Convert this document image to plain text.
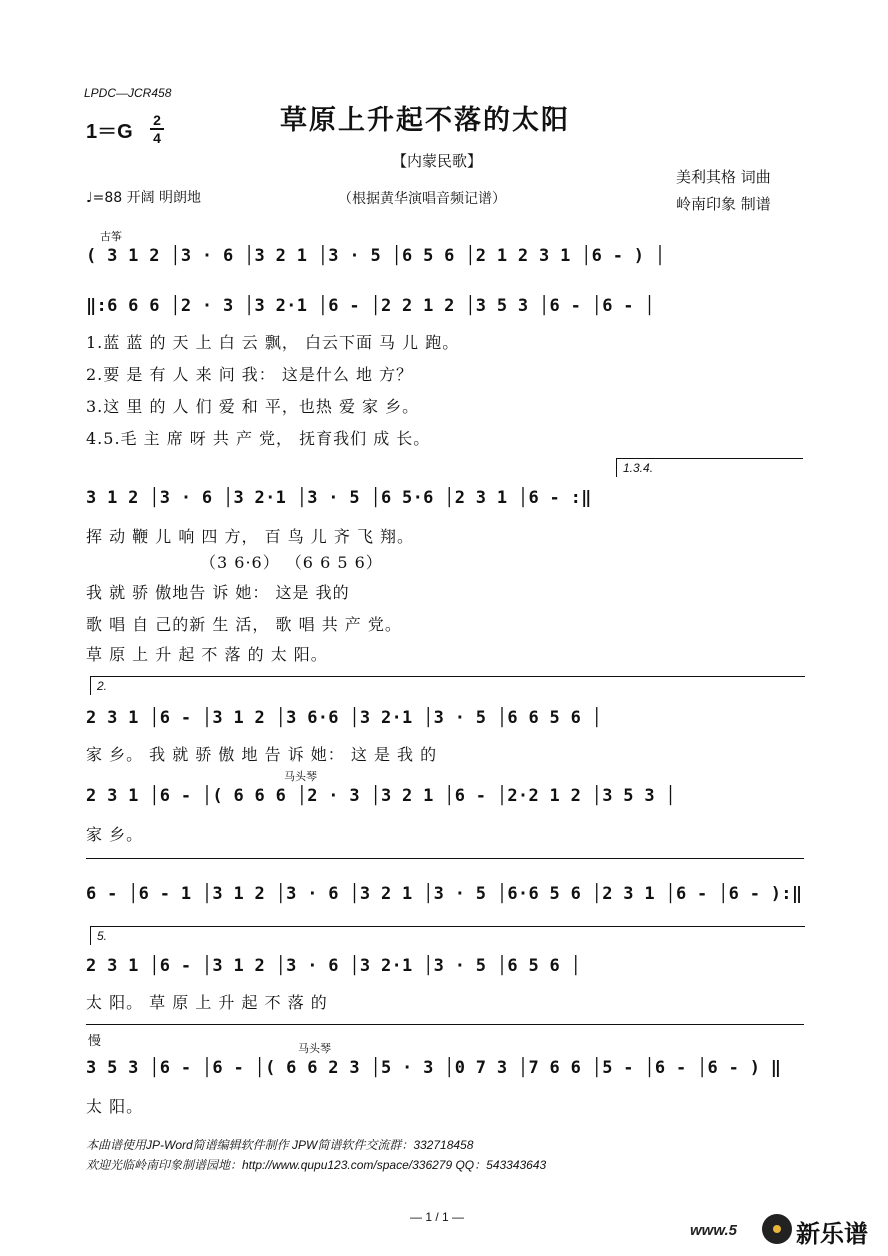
LPDC—JCR458
草原上升起不落的太阳
1＝G
2
4
【内蒙民歌】
♩=88 开阔 明朗地	（根据黄华演唱音频记谱）
美利其格 词曲
岭南印象 制谱
古筝
( 3 1 2 │3 · 6 │3 2 1 │3 · 5 │6 5 6 │2 1 2 3 1 │6 - ) │
‖:6 6 6 │2 · 3 │3 2·1 │6 - │2 2 1 2 │3 5 3 │6 - │6 - │
1.蓝 蓝 的 天 上 白 云 飘， 白云下面 马 儿 跑。
2.要 是 有 人 来 问 我： 这是什么 地 方？
3.这 里 的 人 们 爱 和 平，也热 爱 家 乡。
4.5.毛 主 席 呀 共 产 党， 抚育我们 成 长。
1.3.4.
3 1 2 │3 · 6 │3 2·1 │3 · 5 │6 5·6 │2 3 1 │6 - :‖
挥 动 鞭 儿 响 四 方， 百 鸟 儿 齐 飞 翔。
（3 6·6） （6 6 5 6）
我 就 骄 傲地告 诉 她： 这是 我的
歌 唱 自 己的新 生 活， 歌 唱 共 产 党。
草 原 上 升 起 不 落 的 太 阳。
2.
2 3 1 │6 - │3 1 2 │3 6·6 │3 2·1 │3 · 5 │6 6 5 6 │
家 乡。 我 就 骄 傲 地 告 诉 她： 这 是 我 的
马头琴
2 3 1 │6 - │( 6 6 6 │2 · 3 │3 2 1 │6 - │2·2 1 2 │3 5 3 │
家 乡。
6 - │6 - 1 │3 1 2 │3 · 6 │3 2 1 │3 · 5 │6·6 5 6 │2 3 1 │6 - │6 - ):‖
5.
2 3 1 │6 - │3 1 2 │3 · 6 │3 2·1 │3 · 5 │6 5 6 │
太 阳。 草 原 上 升 起 不 落 的
慢	马头琴
3 5 3 │6 - │6 - │( 6 6 2 3 │5 · 3 │0 7 3 │7 6 6 │5 - │6 - │6 - ) ‖
太 阳。
本曲谱使用JP-Word简谱编辑软件制作 JPW简谱软件交流群：332718458
欢迎光临岭南印象制谱园地：http://www.qupu123.com/space/336279 QQ：543343643
— 1 / 1 —
www.5 新乐谱
